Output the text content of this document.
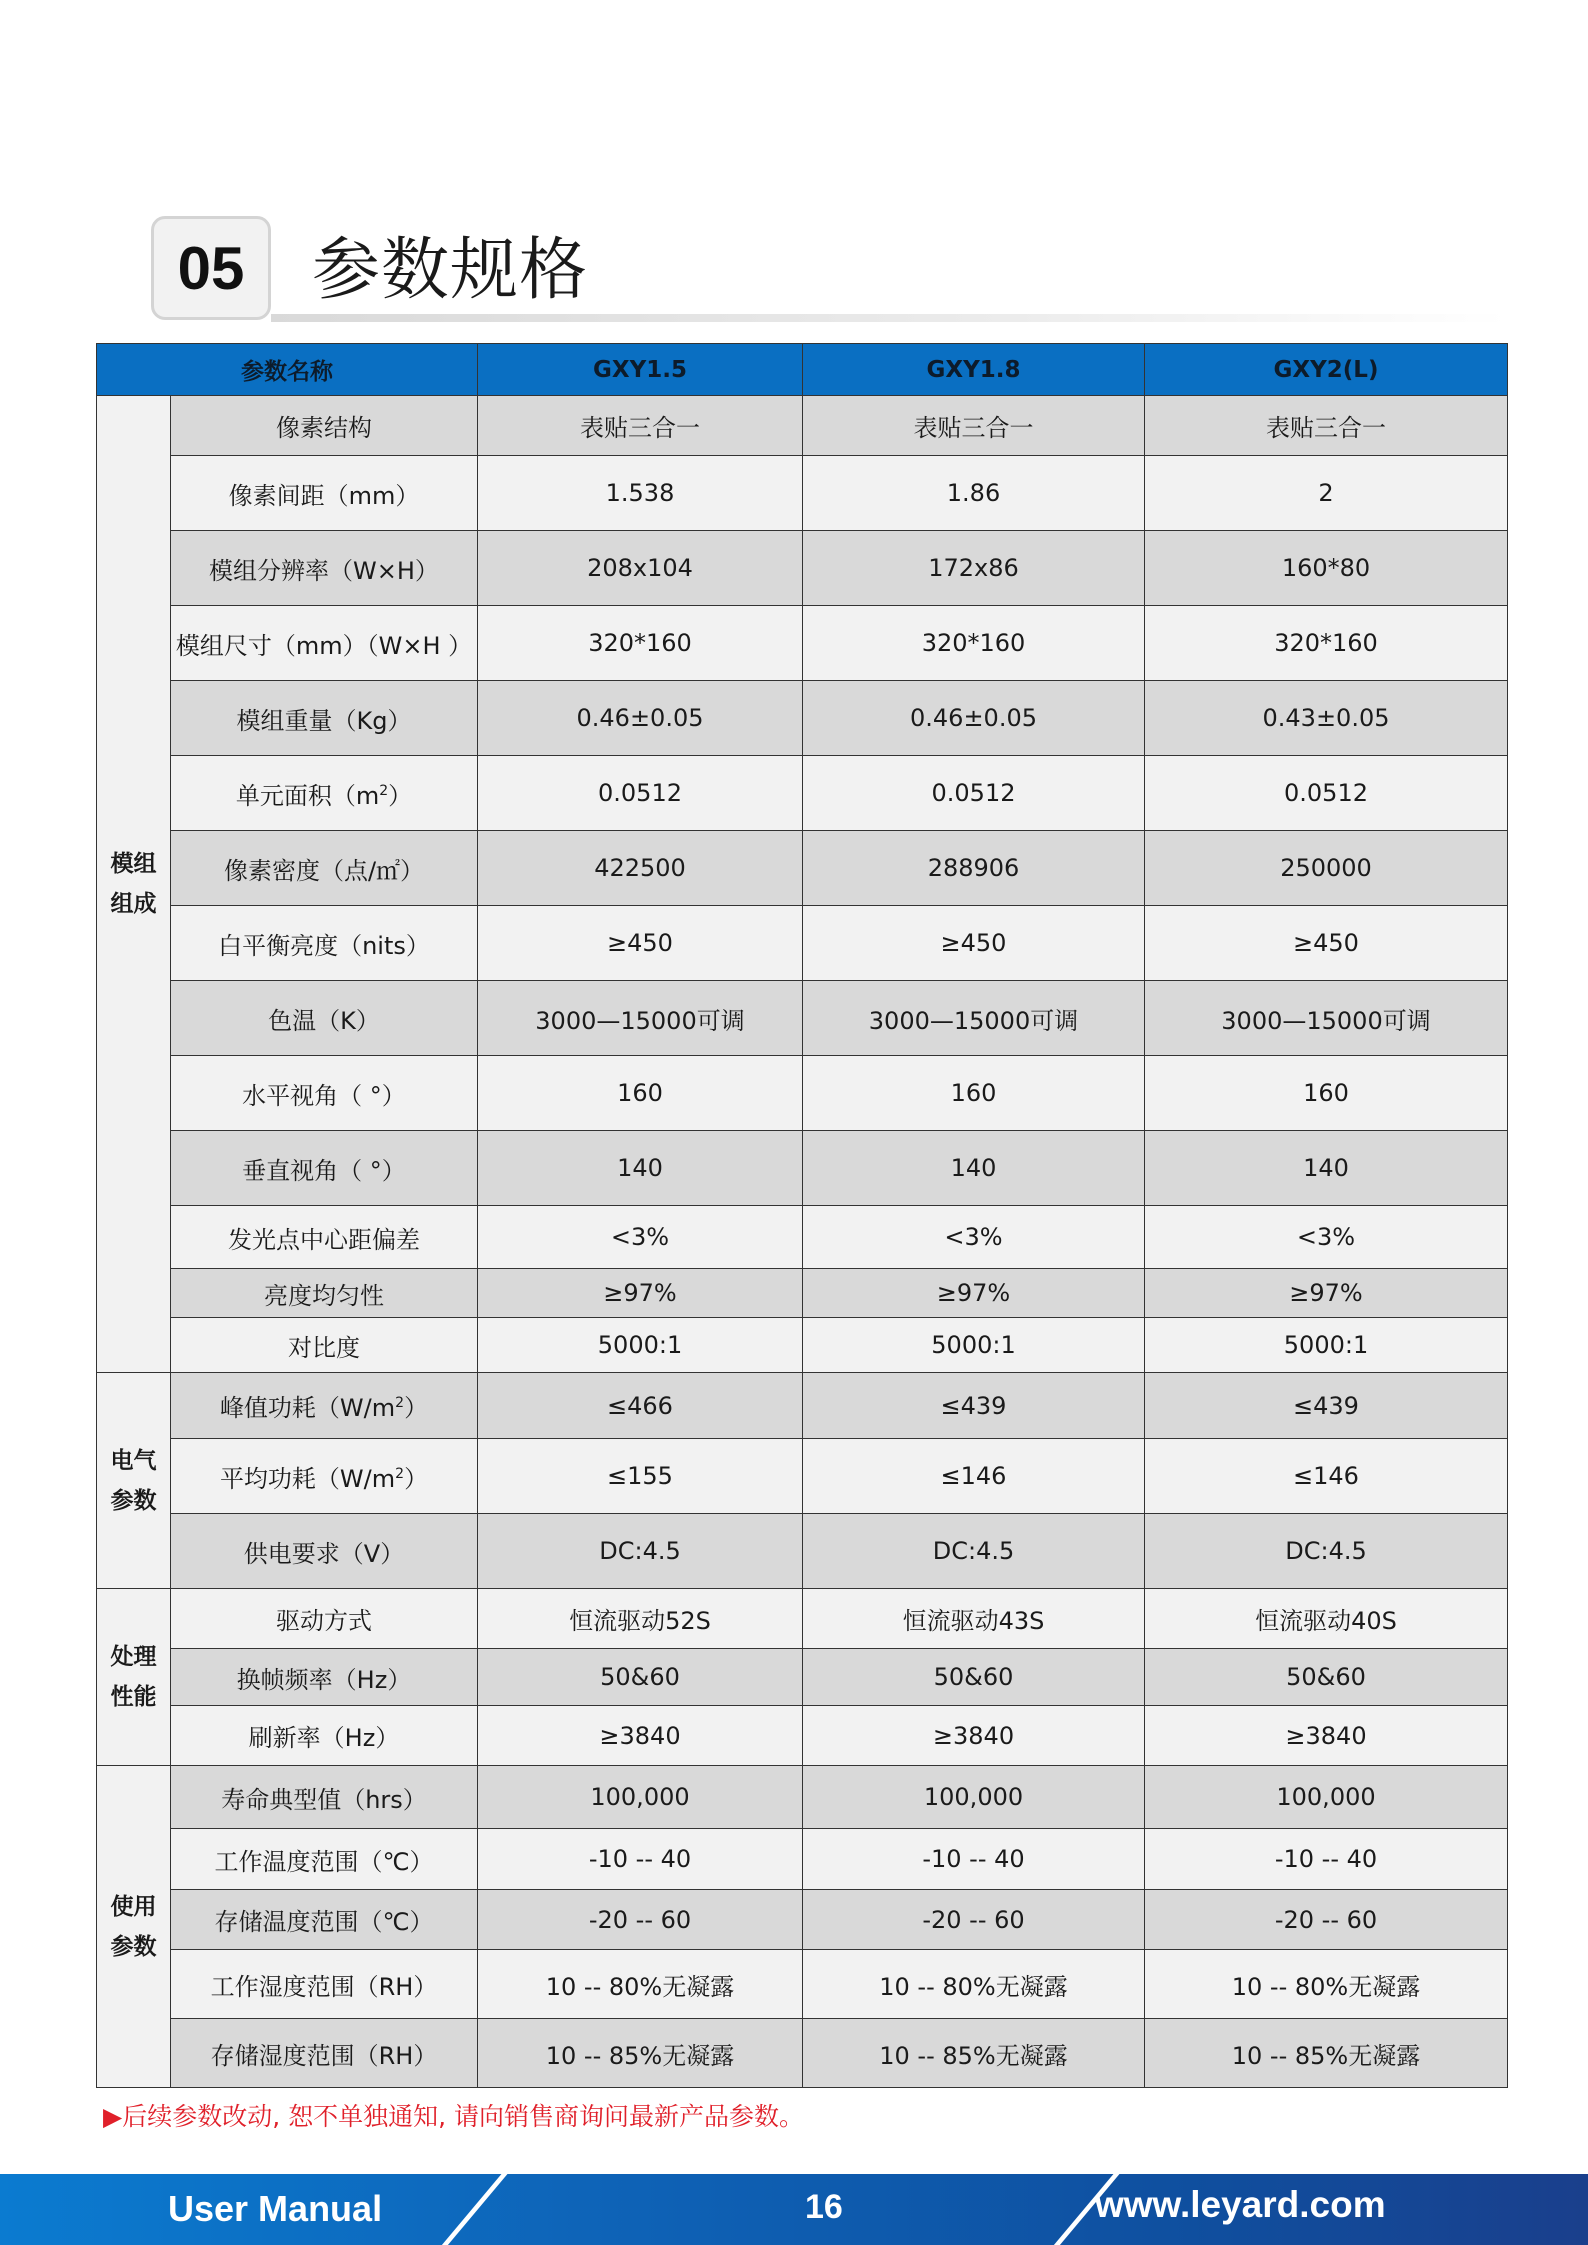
05 参数规格
参数名称		GXY1.5	GXY1.8	GXY2(L)
模组
组成	像素结构	表贴三合一	表贴三合一	表贴三合一
	像素间距（mm）	1.538	1.86	2
	模组分辨率（W×H）	208x104	172x86	160*80
	模组尺寸（mm）（W×H ）	320*160	320*160	320*160
	模组重量（Kg）	0.46±0.05	0.46±0.05	0.43±0.05
	单元面积$(m^2)$	0.0512	0.0512	0.0512
	像素密度（点/㎡）	422500	288906	250000
	白平衡亮度（nits）	≥450	≥450	≥450
	色温（K）	3000—15000可调	3000—15000可调	3000—15000可调
	水平视角（ °）	160	160	160
	垂直视角（ °）	140	140	140
	发光点中心距偏差	<3%	<3%	<3%
	亮度均匀性	≥97%	≥97%	≥97%
	对比度	5000:1	5000:1	5000:1
电气
参数	峰值功耗$(W/m^2)$	≤466	≤439	≤439
	平均功耗$(W/m^2)$	≤155	≤146	≤146
	供电要求（V）	DC:4.5	DC:4.5	DC:4.5
处理
性能	驱动方式	恒流驱动52S	恒流驱动43S	恒流驱动40S
	换帧频率（Hz）	50&60	50&60	50&60
	刷新率（Hz）	≥3840	≥3840	≥3840
使用
参数	寿命典型值（hrs）	100,000	100,000	100,000
	工作温度范围（℃）	-10 -- 40	-10 -- 40	-10 -- 40
	存储温度范围（℃）	-20 -- 60	-20 -- 60	-20 -- 60
	工作湿度范围（RH）	10 -- 80%无凝露	10 -- 80%无凝露	10 -- 80%无凝露
	存储湿度范围（RH）	10 -- 85%无凝露	10 -- 85%无凝露	10 -- 85%无凝露
▶后续参数改动, 恕不单独通知, 请向销售商询问最新产品参数。
User Manual	16	www.leyard.com
